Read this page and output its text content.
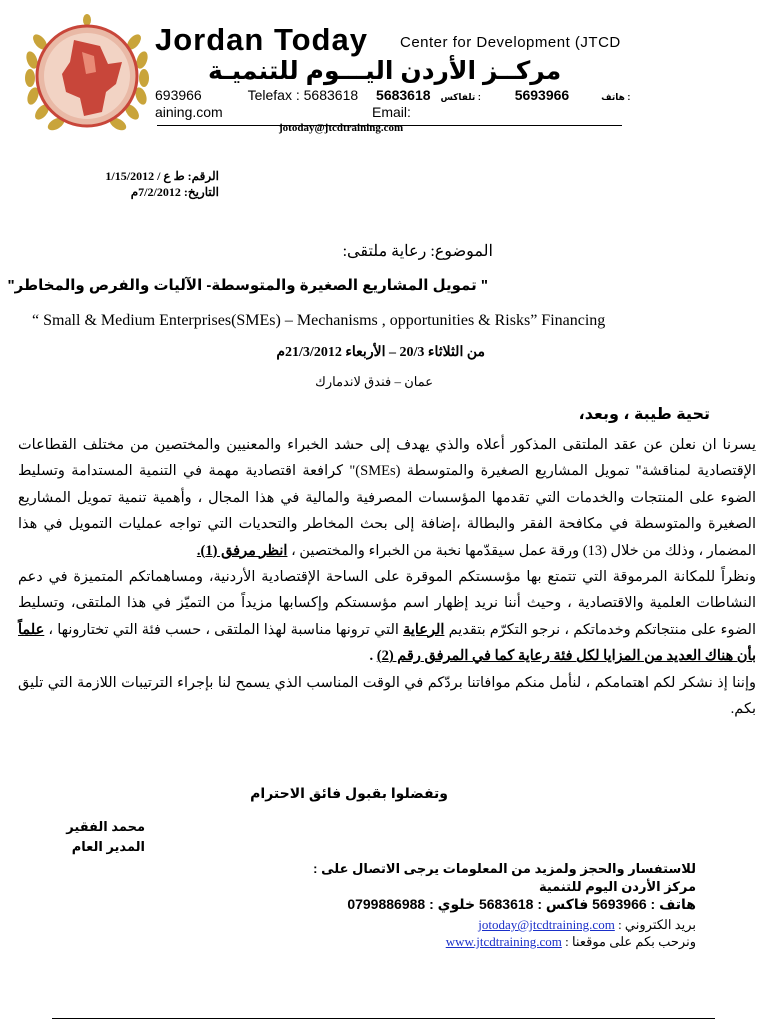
Jordan Today Center for Development (JTCD
مركــز الأردن اليـــوم للتنميـة
693966	Telefax : 5683618 5683618 تلفاكس : 5693966	هاتف :
aining.com	Email:
jotoday@jtcdtraining.com
الرقم: ط ع / 1/15/2012
التاريخ: 7/2/2012م
الموضوع: رعاية ملتقى:
" تمويل المشاريع الصغيرة والمتوسطة- الآليات والفرص والمخاطر"
“ Small & Medium Enterprises(SMEs) – Mechanisms , opportunities & Risks” Financing
من الثلاثاء 20/3 – الأربعاء 21/3/2012م
عمان – فندق لاندمارك
تحية طيبة ، وبعد،

يسرنا ان نعلن عن عقد الملتقى المذكور أعلاه والذي يهدف إلى حشد الخبراء والمعنيين والمختصين من مختلف القطاعات الإقتصادية لمناقشة" تمويل المشاريع الصغيرة والمتوسطة (SMEs)" كرافعة اقتصادية مهمة في التنمية المستدامة وتسليط الضوء على المنتجات والخدمات التي تقدمها المؤسسات المصرفية والمالية في هذا المجال ، وأهمية تنمية تمويل المشاريع الصغيرة والمتوسطة في مكافحة الفقر والبطالة ،إضافة إلى بحث المخاطر والتحديات التي تواجه عمليات التمويل في هذا المضمار ، وذلك من خلال (13) ورقة عمل سيقدّمها نخبة من الخبراء والمختصين ، انظر مرفق (1).

ونظراً للمكانة المرموقة التي تتمتع بها مؤسستكم الموقرة على الساحة الإقتصادية الأردنية، ومساهماتكم المتميزة في دعم النشاطات العلمية والاقتصادية ، وحيث أننا نريد إظهار اسم مؤسستكم وإكسابها مزيداً من التميّز في هذا الملتقى، وتسليط الضوء على منتجاتكم وخدماتكم ، نرجو التكرّم بتقديم الرعاية التي ترونها مناسبة لهذا الملتقى ، حسب فئة التي تختارونها ، علماً بأن هناك العديد من المزايا لكل فئة رعاية كما في المرفق رقم (2) .

وإننا إذ نشكر لكم اهتمامكم ، لنأمل منكم موافاتنا بردّكم في الوقت المناسب الذي يسمح لنا بإجراء الترتيبات اللازمة التي تليق بكم.

وتفضلوا بقبول فائق الاحترام
محمد الفقير
المدير العام
للاستفسار والحجز ولمزيد من المعلومات يرجى الاتصال على :
مركز الأردن اليوم للتنمية
هاتف : 5693966 فاكس : 5683618 خلوي : 0799886988
بريد الكتروني : jotoday@jtcdtraining.com
ونرحب بكم على موقعنا : www.jtcdtraining.com
